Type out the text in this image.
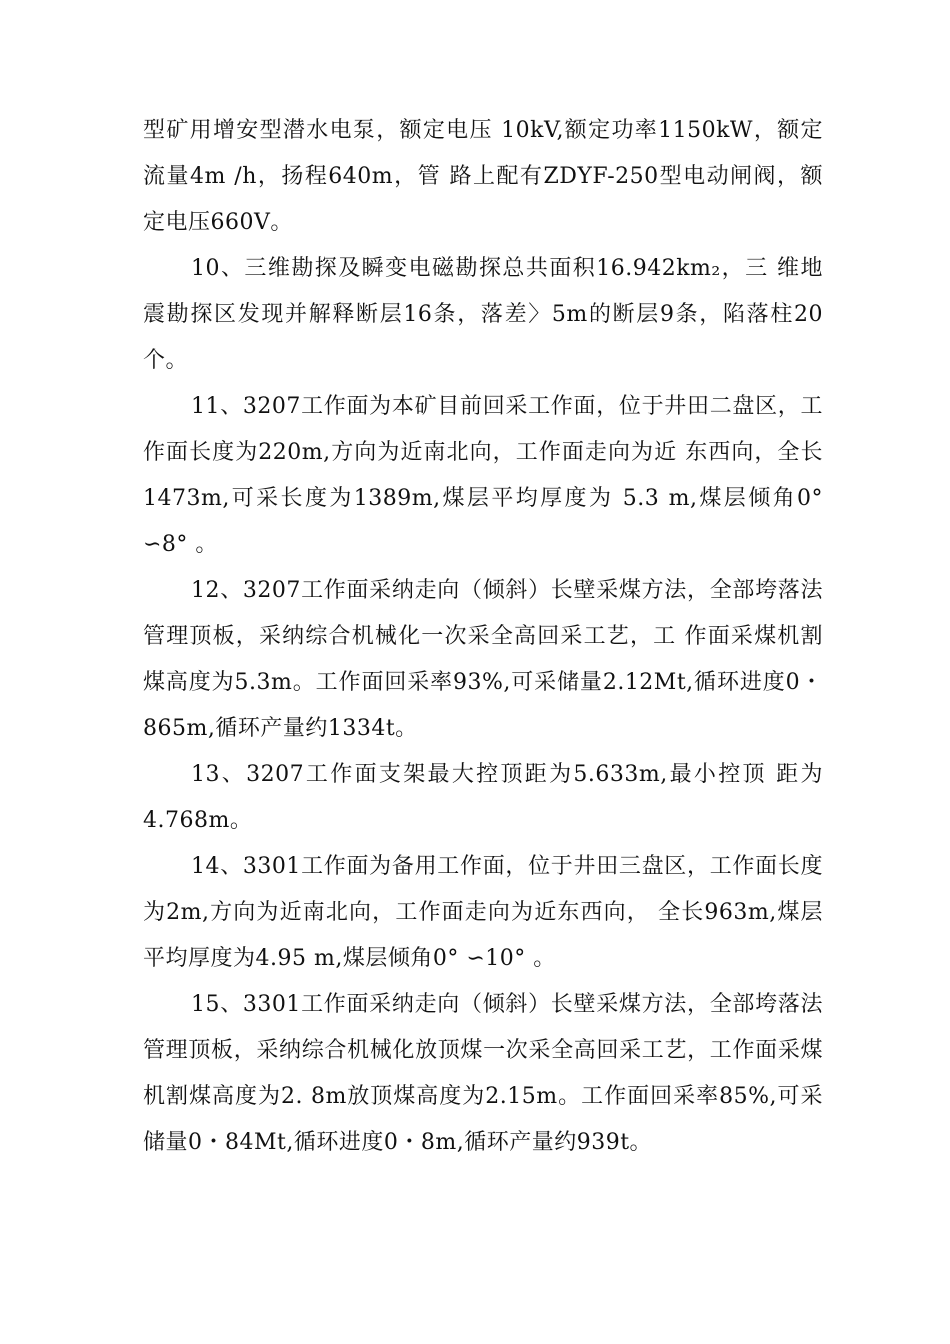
型矿用增安型潜水电泵，额定电压 10kV,额定功率1150kW，额定流量4m /h，扬程640m，管 路上配有ZDYF-250型电动闸阀，额定电压660V。

10、三维勘探及瞬变电磁勘探总共面积16.942km₂，三 维地震勘探区发现并解释断层16条，落差〉5m的断层9条，陷落柱20个。

11、3207工作面为本矿目前回采工作面，位于井田二盘区，工作面长度为220m,方向为近南北向，工作面走向为近 东西向，全长1473m,可采长度为1389m,煤层平均厚度为 5.3 m,煤层倾角0° ∽8° 。

12、3207工作面采纳走向（倾斜）长壁采煤方法，全部垮落法管理顶板，采纳综合机械化一次采全高回采工艺，工 作面采煤机割煤高度为5.3m。工作面回采率93%,可采储量2.12Mt,循环进度0・865m,循环产量约1334t。

13、3207工作面支架最大控顶距为5.633m,最小控顶 距为4.768m。

14、3301工作面为备用工作面，位于井田三盘区，工作面长度为2m,方向为近南北向，工作面走向为近东西向， 全长963m,煤层平均厚度为4.95 m,煤层倾角0° ∽10° 。

15、3301工作面采纳走向（倾斜）长壁采煤方法，全部垮落法管理顶板，采纳综合机械化放顶煤一次采全高回采工艺，工作面采煤机割煤高度为2. 8m放顶煤高度为2.15m。工作面回采率85%,可采储量0・84Mt,循环进度0・8m,循环产量约939t。
